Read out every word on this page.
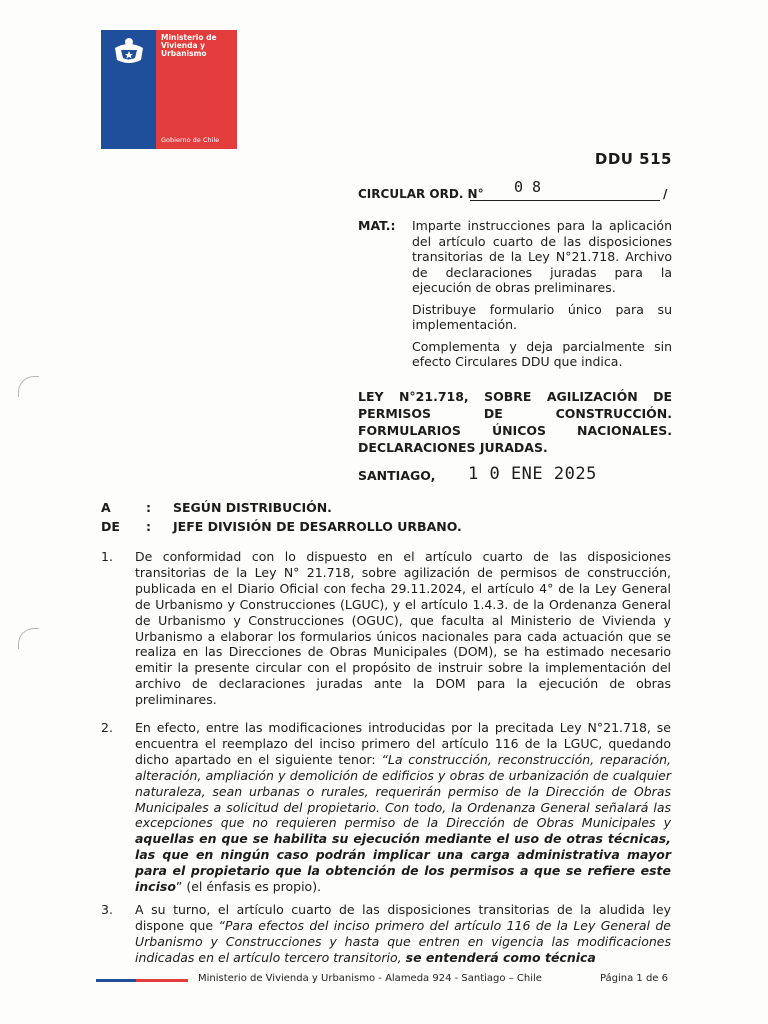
Ministerio de Vivienda y Urbanismo
Gobierno de Chile
DDU 515
CIRCULAR ORD. N° 0 8	/
MAT.: Imparte instrucciones para la aplicación del artículo cuarto de las disposiciones transitorias de la Ley N°21.718. Archivo de declaraciones juradas para la ejecución de obras preliminares.

Distribuye formulario único para su implementación.

Complementa y deja parcialmente sin efecto Circulares DDU que indica.

LEY N°21.718, SOBRE AGILIZACIÓN DE PERMISOS DE CONSTRUCCIÓN. FORMULARIOS ÚNICOS NACIONALES. DECLARACIONES JURADAS.
SANTIAGO, 1 0 ENE 2025
A	: SEGÚN DISTRIBUCIÓN.
DE : JEFE DIVISIÓN DE DESARROLLO URBANO.
1. De conformidad con lo dispuesto en el artículo cuarto de las disposiciones transitorias de la Ley N° 21.718, sobre agilización de permisos de construcción, publicada en el Diario Oficial con fecha 29.11.2024, el artículo 4° de la Ley General de Urbanismo y Construcciones (LGUC), y el artículo 1.4.3. de la Ordenanza General de Urbanismo y Construcciones (OGUC), que faculta al Ministerio de Vivienda y Urbanismo a elaborar los formularios únicos nacionales para cada actuación que se realiza en las Direcciones de Obras Municipales (DOM), se ha estimado necesario emitir la presente circular con el propósito de instruir sobre la implementación del archivo de declaraciones juradas ante la DOM para la ejecución de obras preliminares.
2. En efecto, entre las modificaciones introducidas por la precitada Ley N°21.718, se encuentra el reemplazo del inciso primero del artículo 116 de la LGUC, quedando dicho apartado en el siguiente tenor: “La construcción, reconstrucción, reparación, alteración, ampliación y demolición de edificios y obras de urbanización de cualquier naturaleza, sean urbanas o rurales, requerirán permiso de la Dirección de Obras Municipales a solicitud del propietario. Con todo, la Ordenanza General señalará las excepciones que no requieren permiso de la Dirección de Obras Municipales y aquellas en que se habilita su ejecución mediante el uso de otras técnicas, las que en ningún caso podrán implicar una carga administrativa mayor para el propietario que la obtención de los permisos a que se refiere este inciso” (el énfasis es propio).
3. A su turno, el artículo cuarto de las disposiciones transitorias de la aludida ley dispone que “Para efectos del inciso primero del artículo 116 de la Ley General de Urbanismo y Construcciones y hasta que entren en vigencia las modificaciones indicadas en el artículo tercero transitorio, se entenderá como técnica
Ministerio de Vivienda y Urbanismo - Alameda 924 - Santiago – Chile	Página 1 de 6
